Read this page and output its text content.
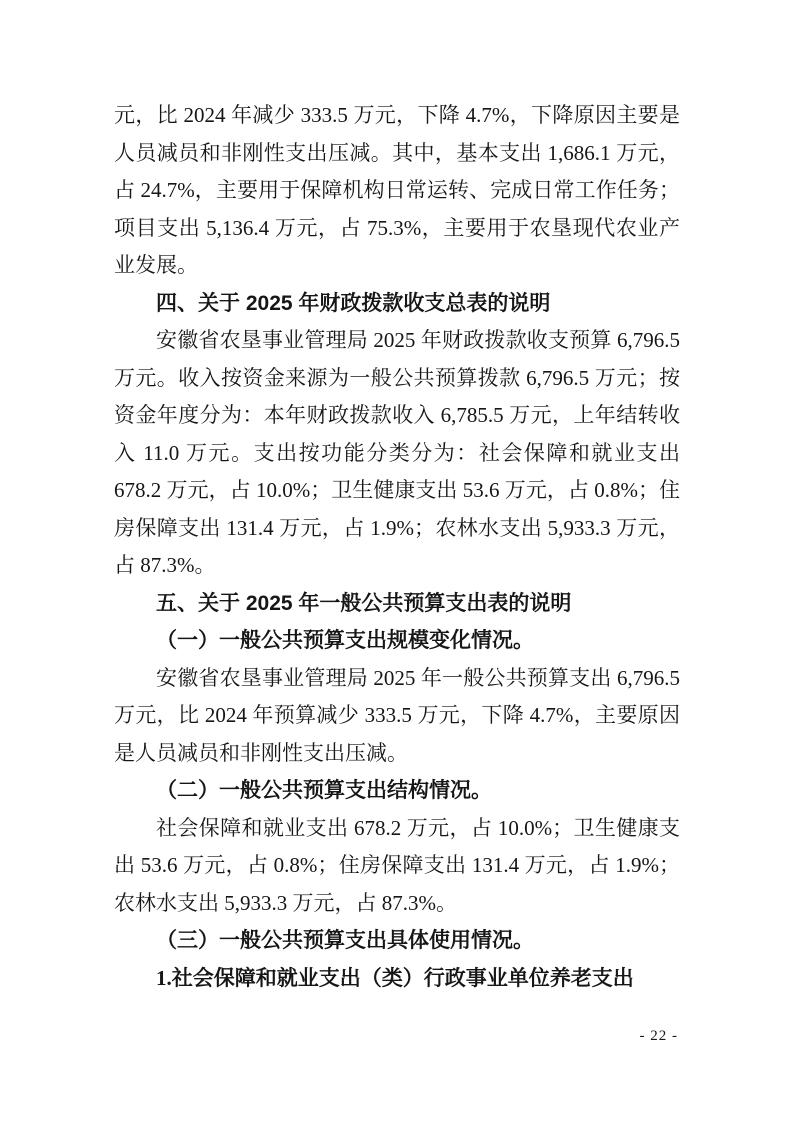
元，比 2024 年减少 333.5 万元，下降 4.7%，下降原因主要是人员减员和非刚性支出压减。其中，基本支出 1,686.1 万元，占 24.7%，主要用于保障机构日常运转、完成日常工作任务；项目支出 5,136.4 万元，占 75.3%，主要用于农垦现代农业产业发展。

四、关于 2025 年财政拨款收支总表的说明

安徽省农垦事业管理局 2025 年财政拨款收支预算 6,796.5 万元。收入按资金来源为一般公共预算拨款 6,796.5 万元；按资金年度分为：本年财政拨款收入 6,785.5 万元，上年结转收入 11.0 万元。支出按功能分类分为：社会保障和就业支出 678.2 万元，占 10.0%；卫生健康支出 53.6 万元，占 0.8%；住房保障支出 131.4 万元，占 1.9%；农林水支出 5,933.3 万元，占 87.3%。

五、关于 2025 年一般公共预算支出表的说明
（一）一般公共预算支出规模变化情况。

安徽省农垦事业管理局 2025 年一般公共预算支出 6,796.5 万元，比 2024 年预算减少 333.5 万元，下降 4.7%，主要原因是人员减员和非刚性支出压减。

（二）一般公共预算支出结构情况。

社会保障和就业支出 678.2 万元，占 10.0%；卫生健康支出 53.6 万元，占 0.8%；住房保障支出 131.4 万元，占 1.9%；农林水支出 5,933.3 万元，占 87.3%。

（三）一般公共预算支出具体使用情况。
1.社会保障和就业支出（类）行政事业单位养老支出
- 22 -
